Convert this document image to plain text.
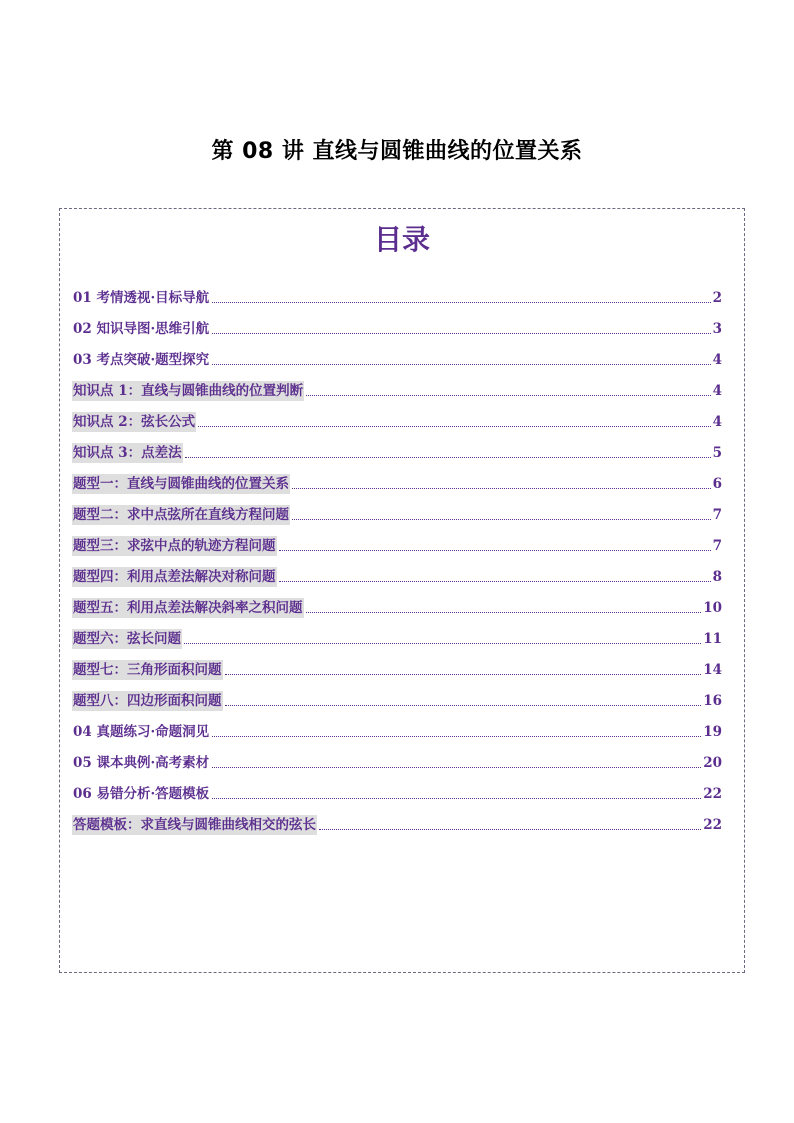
第 08 讲 直线与圆锥曲线的位置关系
目录
01 考情透视·目标导航	2
02 知识导图·思维引航	3
03 考点突破·题型探究	4
知识点 1：直线与圆锥曲线的位置判断	4
知识点 2：弦长公式	4
知识点 3：点差法	5
题型一：直线与圆锥曲线的位置关系	6
题型二：求中点弦所在直线方程问题	7
题型三：求弦中点的轨迹方程问题	7
题型四：利用点差法解决对称问题	8
题型五：利用点差法解决斜率之积问题	10
题型六：弦长问题	11
题型七：三角形面积问题	14
题型八：四边形面积问题	16
04 真题练习·命题洞见	19
05 课本典例·高考素材	20
06 易错分析·答题模板	22
答题模板：求直线与圆锥曲线相交的弦长	22
